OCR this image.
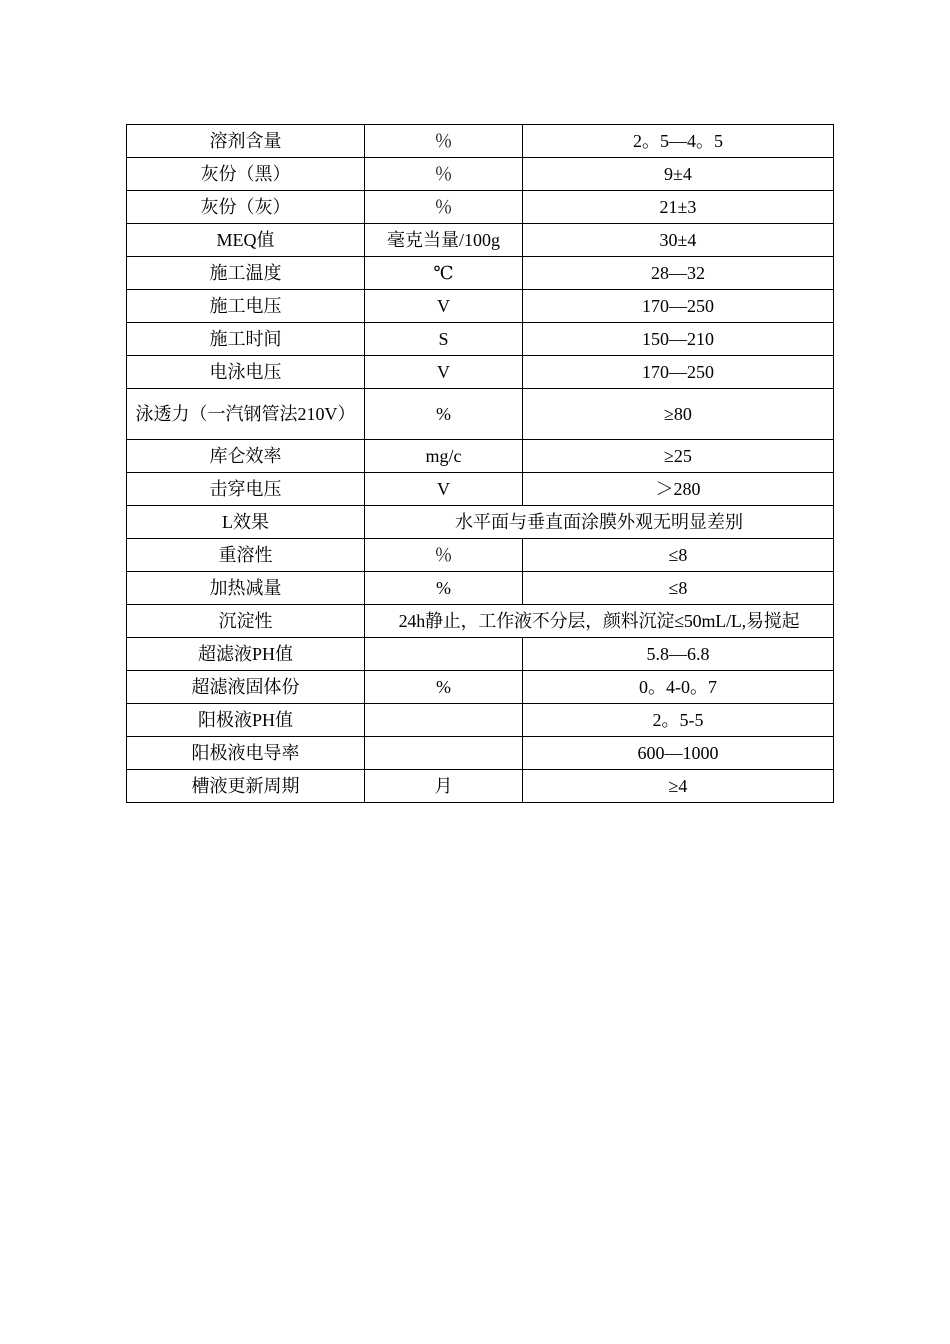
溶剂含量	％	2。5—4。5
灰份（黑）	％	9±4
灰份（灰）	％	21±3
MEQ值	毫克当量/100g	30±4
施工温度	℃	28—32
施工电压	V	170—250
施工时间	S	150—210
电泳电压	V	170—250
泳透力（一汽钢管法210V）	%	≥80
库仑效率	mg/c	≥25
击穿电压	V	＞280
L效果	水平面与垂直面涂膜外观无明显差别	
重溶性	％	≤8
加热减量	%	≤8
沉淀性	24h静止，工作液不分层，颜料沉淀≤50mL/L,易搅起	
超滤液PH值		5.8—6.8
超滤液固体份	%	0。4-0。7
阳极液PH值		2。5-5
阳极液电导率		600—1000
槽液更新周期	月	≥4
